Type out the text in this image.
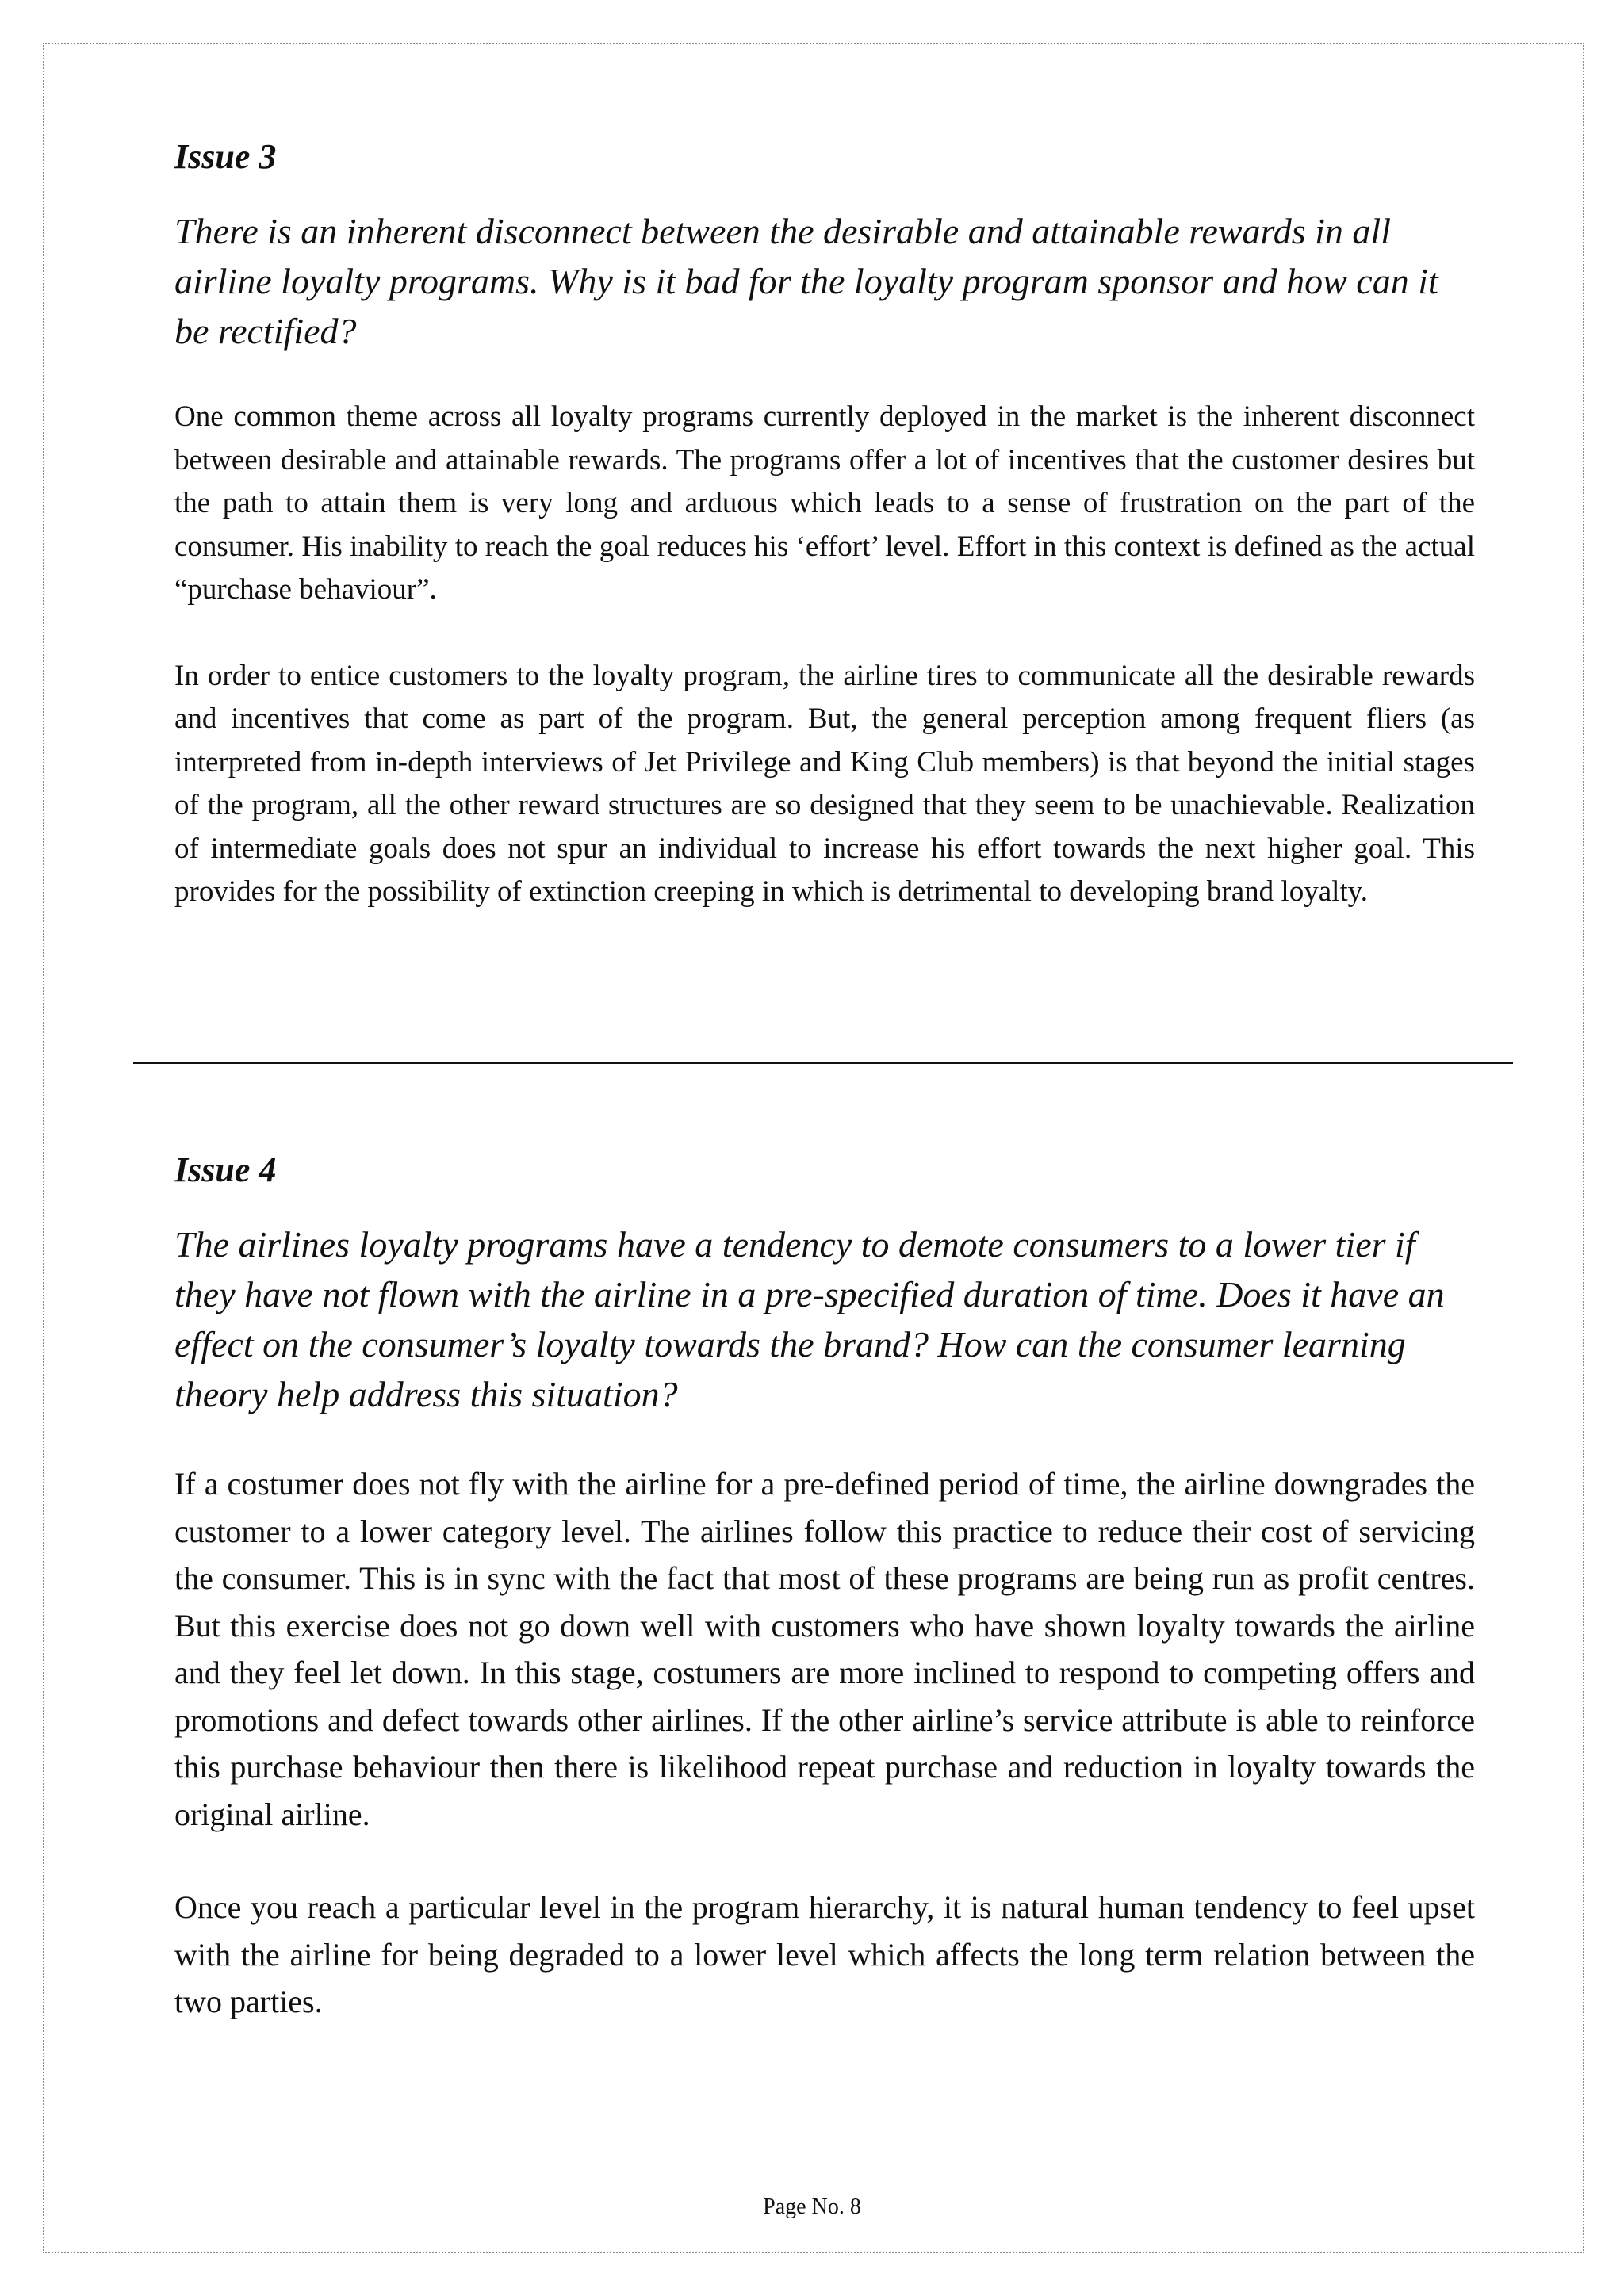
Issue 3

There is an inherent disconnect between the desirable and attainable rewards in all airline loyalty programs. Why is it bad for the loyalty program sponsor and how can it be rectified?

One common theme across all loyalty programs currently deployed in the market is the inherent disconnect between desirable and attainable rewards. The programs offer a lot of incentives that the customer desires but the path to attain them is very long and arduous which leads to a sense of frustration on the part of the consumer. His inability to reach the goal reduces his ‘effort’ level. Effort in this context is defined as the actual “purchase behaviour”.

In order to entice customers to the loyalty program, the airline tires to communicate all the desirable rewards and incentives that come as part of the program. But, the general perception among frequent fliers (as interpreted from in-depth interviews of Jet Privilege and King Club members) is that beyond the initial stages of the program, all the other reward structures are so designed that they seem to be unachievable. Realization of intermediate goals does not spur an individual to increase his effort towards the next higher goal. This provides for the possibility of extinction creeping in which is detrimental to developing brand loyalty.

Issue 4

The airlines loyalty programs have a tendency to demote consumers to a lower tier if they have not flown with the airline in a pre-specified duration of time. Does it have an effect on the consumer’s loyalty towards the brand? How can the consumer learning theory help address this situation?

If a costumer does not fly with the airline for a pre-defined period of time, the airline downgrades the customer to a lower category level. The airlines follow this practice to reduce their cost of servicing the consumer. This is in sync with the fact that most of these programs are being run as profit centres. But this exercise does not go down well with customers who have shown loyalty towards the airline and they feel let down. In this stage, costumers are more inclined to respond to competing offers and promotions and defect towards other airlines. If the other airline’s service attribute is able to reinforce this purchase behaviour then there is likelihood repeat purchase and reduction in loyalty towards the original airline.

Once you reach a particular level in the program hierarchy, it is natural human tendency to feel upset with the airline for being degraded to a lower level which affects the long term relation between the two parties.

Page No. 8
